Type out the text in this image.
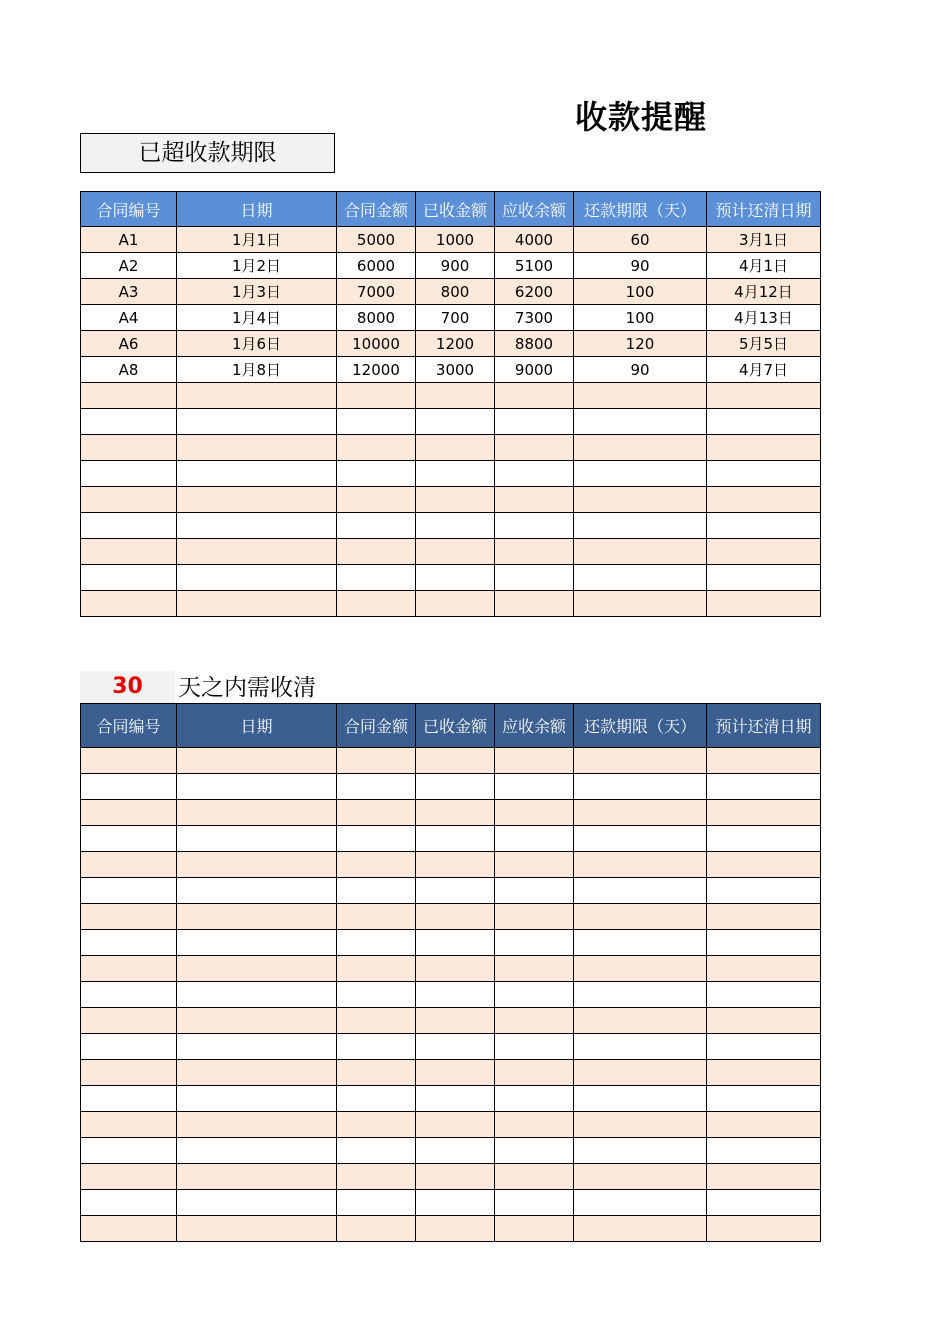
收款提醒
已超收款期限
合同编号	日期	合同金额	已收金额	应收余额	还款期限（天）	预计还清日期
A1	1月1日	5000	1000	4000	60	3月1日
A2	1月2日	6000	900	5100	90	4月1日
A3	1月3日	7000	800	6200	100	4月12日
A4	1月4日	8000	700	7300	100	4月13日
A6	1月6日	10000	1200	8800	120	5月5日
A8	1月8日	12000	3000	9000	90	4月7日

30	天之内需收清
合同编号	日期	合同金额	已收金额	应收余额	还款期限（天）	预计还清日期
